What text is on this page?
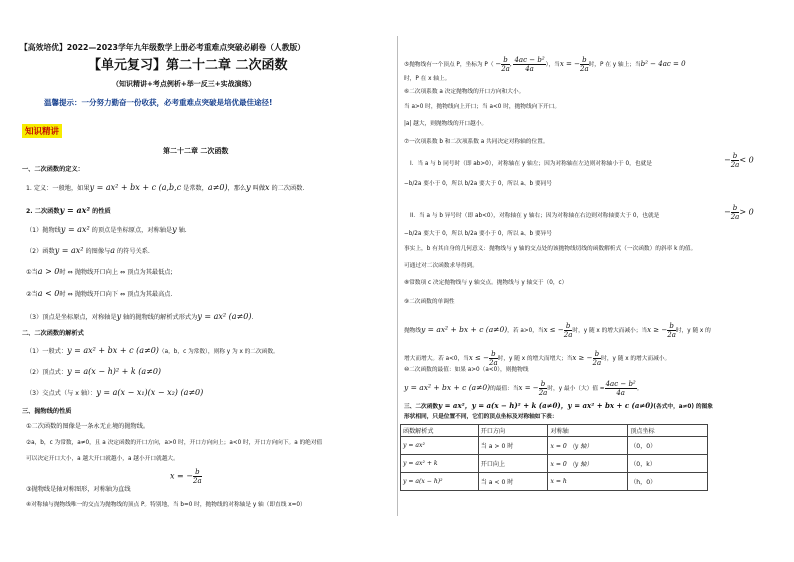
【高效培优】2022—2023学年九年级数学上册必考重难点突破必刷卷（人教版）
【单元复习】第二十二章 二次函数
（知识精讲+考点例析+举一反三+实战演练）
温馨提示：一分努力勤奋一份收获，必考重难点突破是培优最佳途径!
知识精讲
第二十二章 二次函数
一、二次函数的定义：
1. 定义：一般地，如果y = ax² + bx + c (a,b,c 是常数，a≠0)，那么y 叫做x 的二次函数.
2. 二次函数y = ax² 的性质
（1）抛物线y = ax² 的顶点是坐标原点，对称轴是y 轴.
（2）函数y = ax² 的图像与a 的符号关系.
①当a > 0时 ⇔ 抛物线开口向上 ⇔ 顶点为其最低点;
②当a < 0时 ⇔ 抛物线开口向下 ⇔ 顶点为其最高点.
（3）顶点是坐标原点，对称轴是y 轴的抛物线的解析式形式为y = ax² (a≠0).
二、二次函数的解析式
（1）一般式：y = ax² + bx + c (a≠0)（a，b，c 为常数），则称 y 为 x 的二次函数。
（2）顶点式：y = a(x − h)² + k (a≠0)
（3）交点式（与 x 轴）：y = a(x − x₁)(x − x₂) (a≠0)
三、抛物线的性质
①二次函数的图像是一条永无止境的抛物线。
②a，b，c 为常数，a≠0，且 a 决定函数的开口方向，a>0 时，开口方向向上；a<0 时，开口方向向下。a 的绝对值
可以决定开口大小，a 越大开口就越小，a 越小开口就越大。
x = − $\frac{b}{2a}$
③抛物线是轴对称图形，对称轴为直线
④对称轴与抛物线唯一的交点为抛物线的顶点 P。特别地，当 b=0 时，抛物线的对称轴是 y 轴（即直线 x=0）
⑤抛物线有一个顶点 P，坐标为 $P( - \frac{b}{2a}$ , $\frac{\text{4ac − b²}}{4a}$ ），当x = − $\frac{b}{2a}$ 时，P 在 y 轴上；当b² − 4ac = 0
时，P 在 x 轴上。
⑥二次项系数 a 决定抛物线的开口方向和大小。
当 a>0 时，抛物线向上开口；当 a<0 时，抛物线向下开口。
|a| 越大，则抛物线的开口越小。
⑦一次项系数 b 和二次项系数 a 共同决定对称轴的位置。
I．当 a 与 b 同号时（即 ab>0），对称轴在 y 轴左；因为对称轴在左边则对称轴小于 0，也就是	− $\frac{b}{2a} < 0$
−b/2a 要小于 0，所以 b/2a 要大于 0，所以 a、b 要同号
II．当 a 与 b 异号时（即 ab<0），对称轴在 y 轴右；因为对称轴在右边则对称轴要大于 0，也就是	− $\frac{b}{2a} > 0$
−b/2a 要大于 0，所以 b/2a 要小于 0，所以 a、b 要异号
事实上，b 有其自身的几何意义：抛物线与 y 轴的交点处的该抛物线切线的函数解析式（一次函数）的斜率 k 的值。
可通过对二次函数求导得到。
⑧常数项 c 决定抛物线与 y 轴交点。抛物线与 y 轴交于（0，c）
⑨二次函数的单调性
抛物线y = ax² + bx + c (a≠0)，若 a>0，当x ≤ − $\frac{b}{2a}$ 时，y 随 x 的增大而减小；当x ≥ − $\frac{b}{2a}$ 时，y 随 x 的
增大而增大。若 a<0，当x ≤ − $\frac{b}{2a}$ 时，y 随 x 的增大而增大；当x ≥ − $\frac{b}{2a}$ 时，y 随 x 的增大而减小。
y = ax² + bx + c (a≠0)的最值：当x = − $\frac{b}{2a}$ 时，y 最小（大）值 = $\frac{\text{4ac − b²}}{4a}$ 。
⑩二次函数的最值：如果 a>0（a<0），则抛物线
三、二次函数y = ax²，y = a(x − h)² + k (a≠0)，y = ax² + bx + c (a≠0)(各式中，a≠0) 的图象
形状相同，只是位置不同，它们的顶点坐标及对称轴如下表：
函数解析式	开口方向	对称轴	顶点坐标
y = ax²	当 a > 0 时	x = 0 （y 轴）	（0，0）
y = ax² + k	开口向上	x = 0 （y 轴）	（0，k）
y = a(x − h)²	当 a < 0 时	x = h	（h，0）
